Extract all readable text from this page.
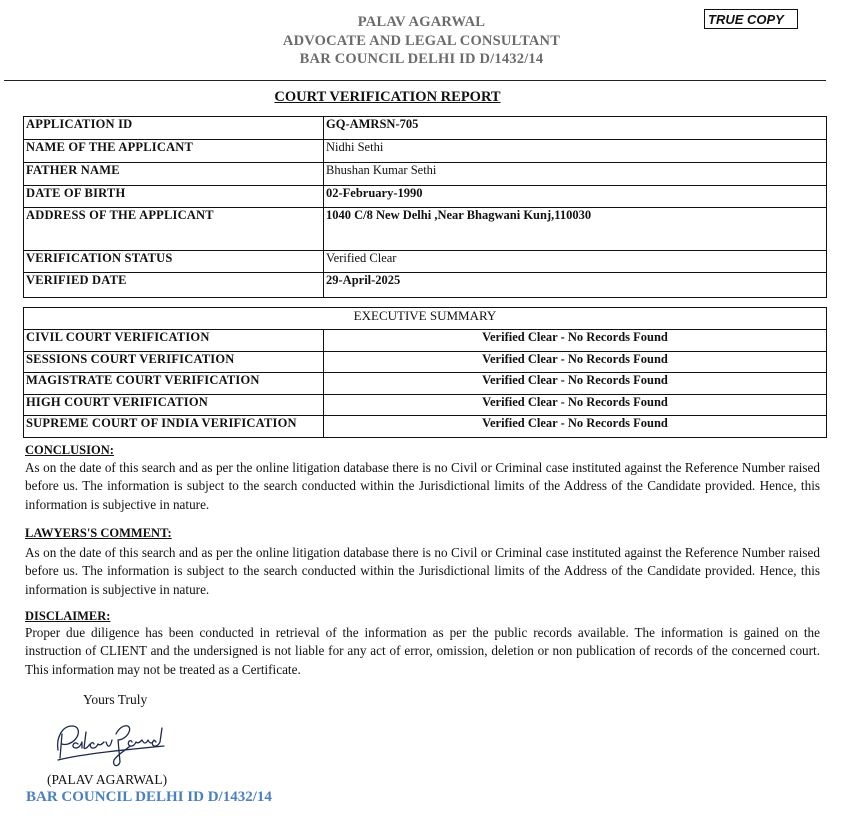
PALAV AGARWAL
ADVOCATE AND LEGAL CONSULTANT
BAR COUNCIL DELHI ID D/1432/14
TRUE COPY
COURT VERIFICATION REPORT
APPLICATION ID	GQ-AMRSN-705
NAME OF THE APPLICANT	Nidhi Sethi
FATHER NAME	Bhushan Kumar Sethi
DATE OF BIRTH	02-February-1990
ADDRESS OF THE APPLICANT	1040 C/8 New Delhi ,Near Bhagwani Kunj,110030
VERIFICATION STATUS	Verified Clear
VERIFIED DATE	29-April-2025
EXECUTIVE SUMMARY	
CIVIL COURT VERIFICATION	Verified Clear - No Records Found
SESSIONS COURT VERIFICATION	Verified Clear - No Records Found
MAGISTRATE COURT VERIFICATION	Verified Clear - No Records Found
HIGH COURT VERIFICATION	Verified Clear - No Records Found
SUPREME COURT OF INDIA VERIFICATION	Verified Clear - No Records Found
CONCLUSION:
As on the date of this search and as per the online litigation database there is no Civil or Criminal case instituted against the Reference Number raised before us. The information is subject to the search conducted within the Jurisdictional limits of the Address of the Candidate provided. Hence, this information is subjective in nature.
LAWYERS'S COMMENT:
As on the date of this search and as per the online litigation database there is no Civil or Criminal case instituted against the Reference Number raised before us. The information is subject to the search conducted within the Jurisdictional limits of the Address of the Candidate provided. Hence, this information is subjective in nature.
DISCLAIMER:
Proper due diligence has been conducted in retrieval of the information as per the public records available. The information is gained on the instruction of CLIENT and the undersigned is not liable for any act of error, omission, deletion or non publication of records of the concerned court. This information may not be treated as a Certificate.
Yours Truly
(PALAV AGARWAL)
BAR COUNCIL DELHI ID D/1432/14
